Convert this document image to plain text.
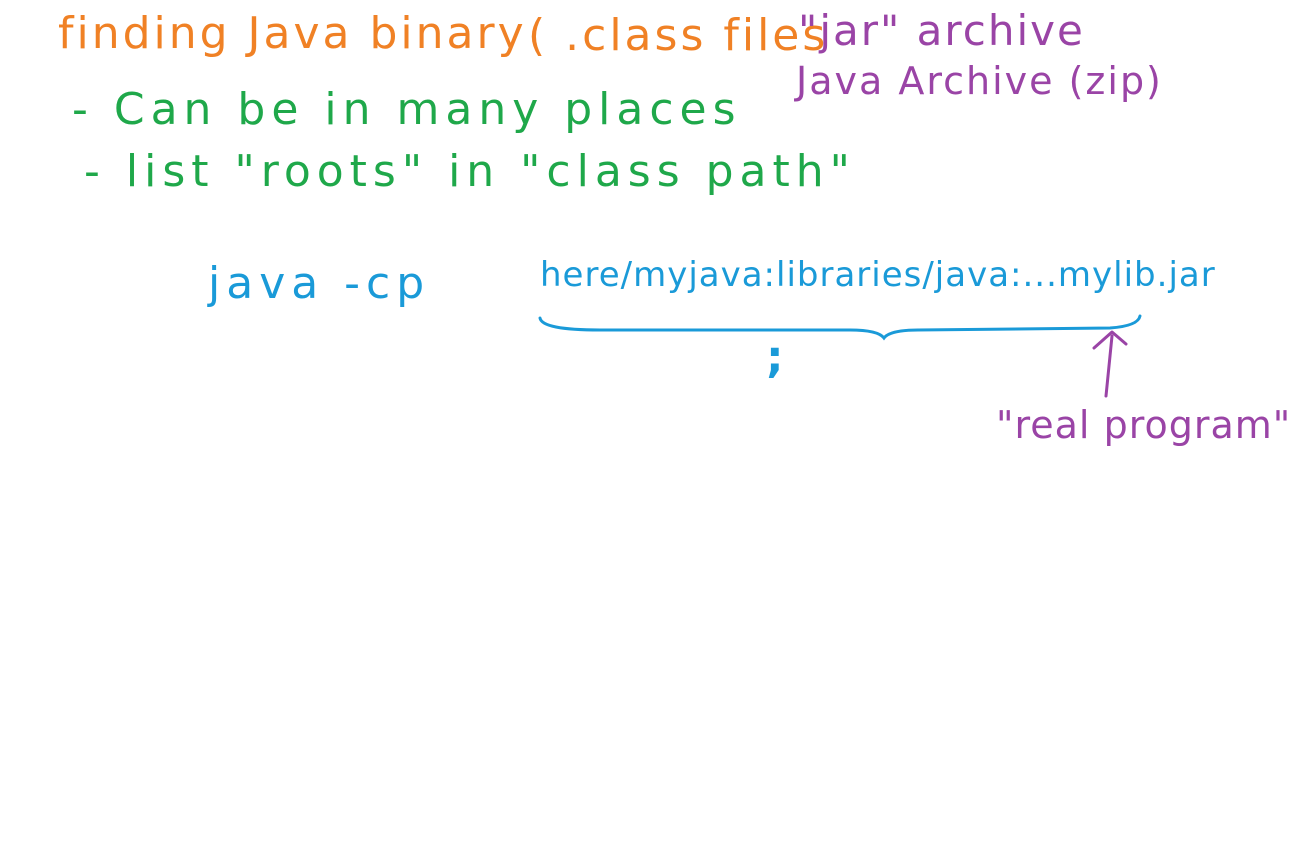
finding Java binary ( .class files
"jar" archive
Java Archive (zip)
- Can be in many places
- list "roots" in "class path"
java -cp	here/myjava:libraries/java:...mylib.jar
;
"real program"
